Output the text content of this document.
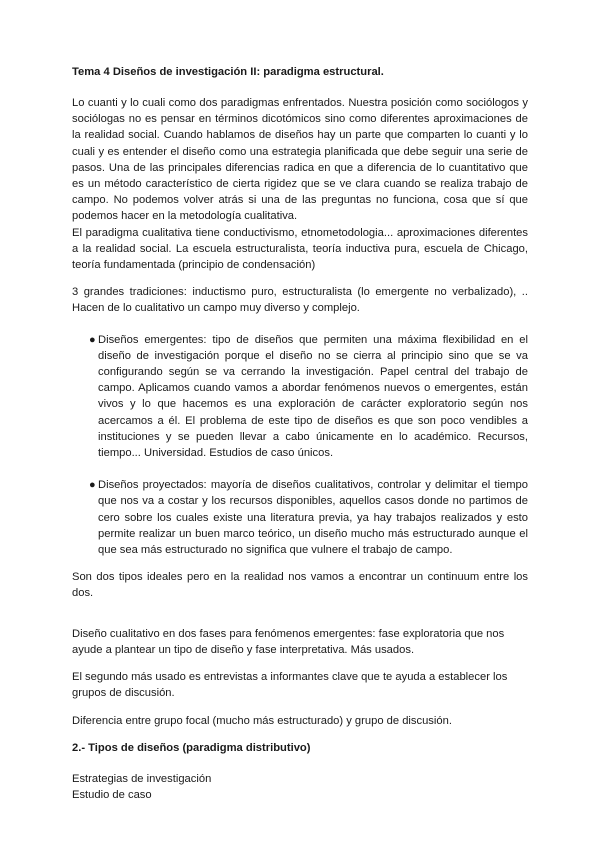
Tema 4 Diseños de investigación II: paradigma estructural.

Lo cuanti y lo cuali como dos paradigmas enfrentados. Nuestra posición como sociólogos y sociólogas no es pensar en términos dicotómicos sino como diferentes aproximaciones de la realidad social. Cuando hablamos de diseños hay un parte que comparten lo cuanti y lo cuali y es entender el diseño como una estrategia planificada que debe seguir una serie de pasos. Una de las principales diferencias radica en que a diferencia de lo cuantitativo que es un método característico de cierta rigidez que se ve clara cuando se realiza trabajo de campo. No podemos volver atrás si una de las preguntas no funciona, cosa que sí que podemos hacer en la metodología cualitativa.

El paradigma cualitativa tiene conductivismo, etnometodologia... aproximaciones diferentes a la realidad social. La escuela estructuralista, teoría inductiva pura, escuela de Chicago, teoría fundamentada (principio de condensación)

3 grandes tradiciones: inductismo puro, estructuralista (lo emergente no verbalizado), .. Hacen de lo cualitativo un campo muy diverso y complejo.

● Diseños emergentes: tipo de diseños que permiten una máxima flexibilidad en el diseño de investigación porque el diseño no se cierra al principio sino que se va configurando según se va cerrando la investigación. Papel central del trabajo de campo. Aplicamos cuando vamos a abordar fenómenos nuevos o emergentes, están vivos y lo que hacemos es una exploración de carácter exploratorio según nos acercamos a él. El problema de este tipo de diseños es que son poco vendibles a instituciones y se pueden llevar a cabo únicamente en lo académico. Recursos, tiempo... Universidad. Estudios de caso únicos.

● Diseños proyectados: mayoría de diseños cualitativos, controlar y delimitar el tiempo que nos va a costar y los recursos disponibles, aquellos casos donde no partimos de cero sobre los cuales existe una literatura previa, ya hay trabajos realizados y esto permite realizar un buen marco teórico, un diseño mucho más estructurado aunque el que sea más estructurado no significa que vulnere el trabajo de campo.

Son dos tipos ideales pero en la realidad nos vamos a encontrar un continuum entre los dos.

Diseño cualitativo en dos fases para fenómenos emergentes: fase exploratoria que nos ayude a plantear un tipo de diseño y fase interpretativa. Más usados.

El segundo más usado es entrevistas a informantes clave que te ayuda a establecer los grupos de discusión.

Diferencia entre grupo focal (mucho más estructurado) y grupo de discusión.

2.- Tipos de diseños (paradigma distributivo)

Estrategias de investigación

Estudio de caso
